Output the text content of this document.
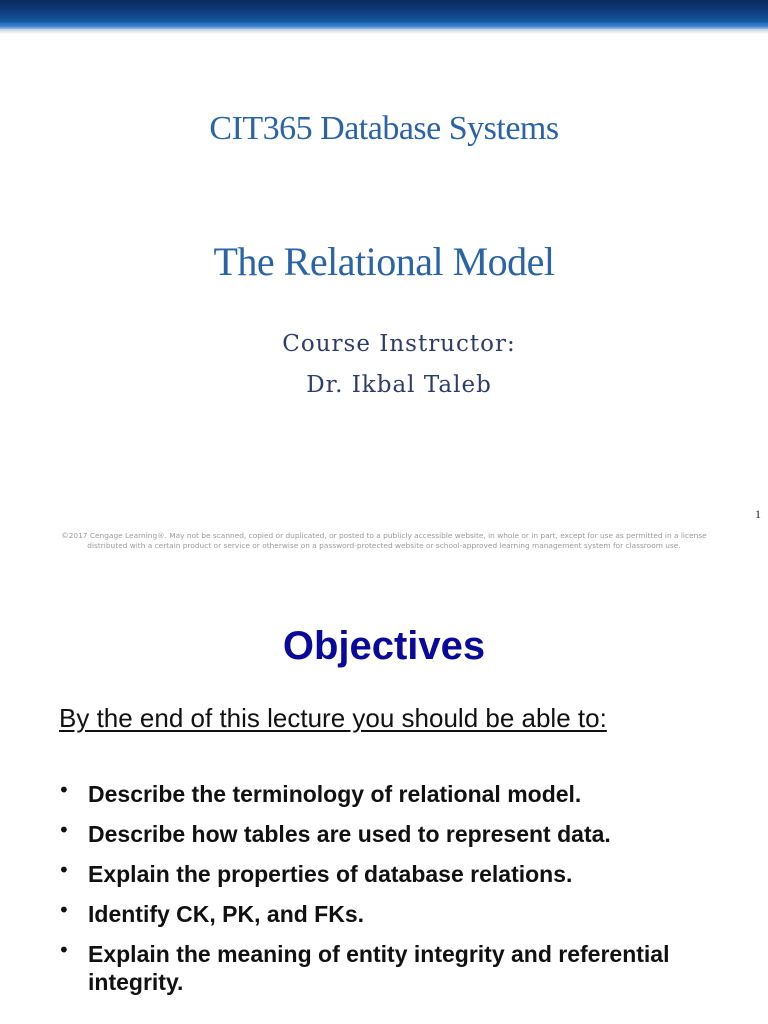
CIT365 Database Systems
The Relational Model
Course Instructor:
Dr. Ikbal Taleb
1
©2017 Cengage Learning®. May not be scanned, copied or duplicated, or posted to a publicly accessible website, in whole or in part, except for use as permitted in a license distributed with a certain product or service or otherwise on a password-protected website or school-approved learning management system for classroom use.
Objectives
By the end of this lecture you should be able to:
• Describe the terminology of relational model.
• Describe how tables are used to represent data.
• Explain the properties of database relations.
• Identify CK, PK, and FKs.
• Explain the meaning of entity integrity and referential integrity.
